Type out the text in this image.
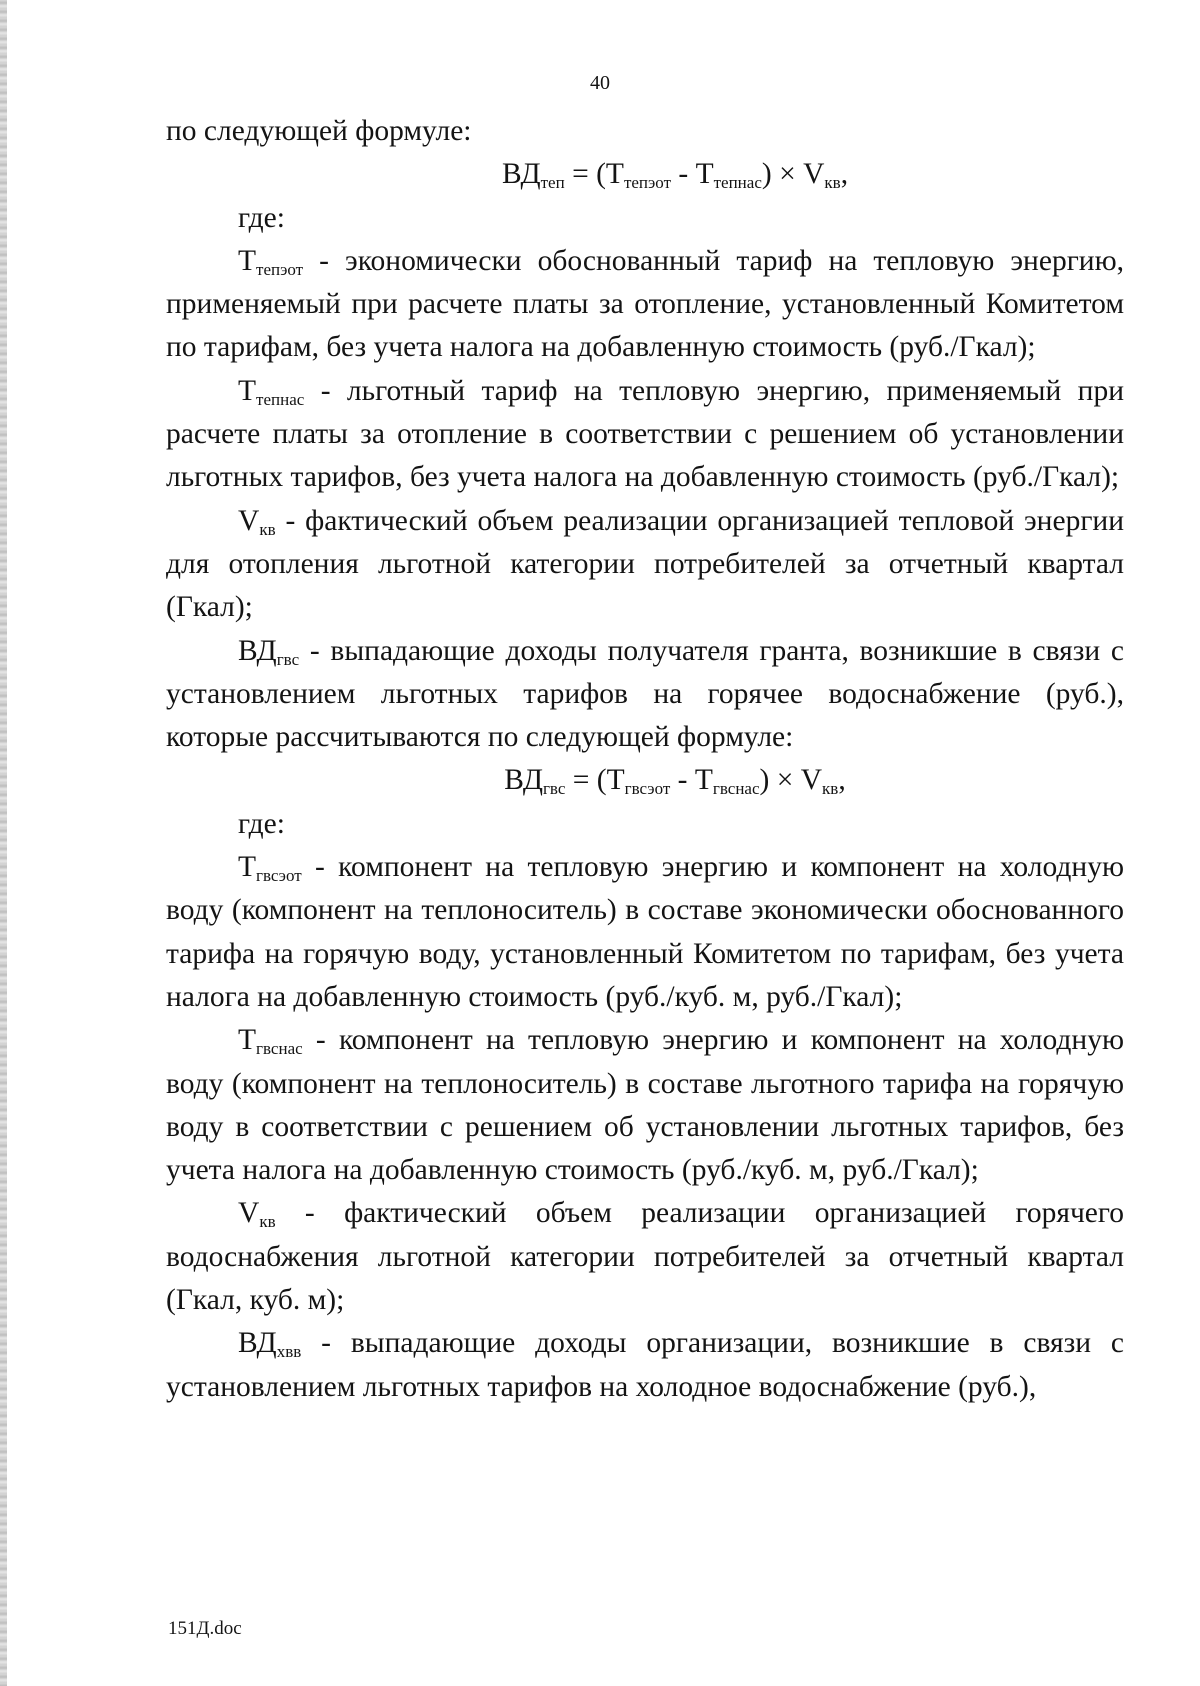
40

по следующей формуле:

$ВД_{теп} = (Т_{тепэот} - Т_{тепнас}) \times V_{кв}$,

где:

$Т_{тепэот}$ - экономически обоснованный тариф на тепловую энергию, применяемый при расчете платы за отопление, установленный Комитетом по тарифам, без учета налога на добавленную стоимость (руб./Гкал);

$Т_{тепнас}$ - льготный тариф на тепловую энергию, применяемый при расчете платы за отопление в соответствии с решением об установлении льготных тарифов, без учета налога на добавленную стоимость (руб./Гкал);

$V_{кв}$ - фактический объем реализации организацией тепловой энергии для отопления льготной категории потребителей за отчетный квартал (Гкал);

$ВД_{гвс}$ - выпадающие доходы получателя гранта, возникшие в связи с установлением льготных тарифов на горячее водоснабжение (руб.), которые рассчитываются по следующей формуле:

$ВД_{гвс} = (Т_{гвсэот} - Т_{гвснас}) \times V_{кв}$,

где:

$Т_{гвсэот}$ - компонент на тепловую энергию и компонент на холодную воду (компонент на теплоноситель) в составе экономически обоснованного тарифа на горячую воду, установленный Комитетом по тарифам, без учета налога на добавленную стоимость (руб./куб. м, руб./Гкал);

$Т_{гвснас}$ - компонент на тепловую энергию и компонент на холодную воду (компонент на теплоноситель) в составе льготного тарифа на горячую воду в соответствии с решением об установлении льготных тарифов, без учета налога на добавленную стоимость (руб./куб. м, руб./Гкал);

$V_{кв}$ - фактический объем реализации организацией горячего водоснабжения льготной категории потребителей за отчетный квартал (Гкал, куб. м);

$ВД_{хвв}$ - выпадающие доходы организации, возникшие в связи с установлением льготных тарифов на холодное водоснабжение (руб.),

151Д.doc
